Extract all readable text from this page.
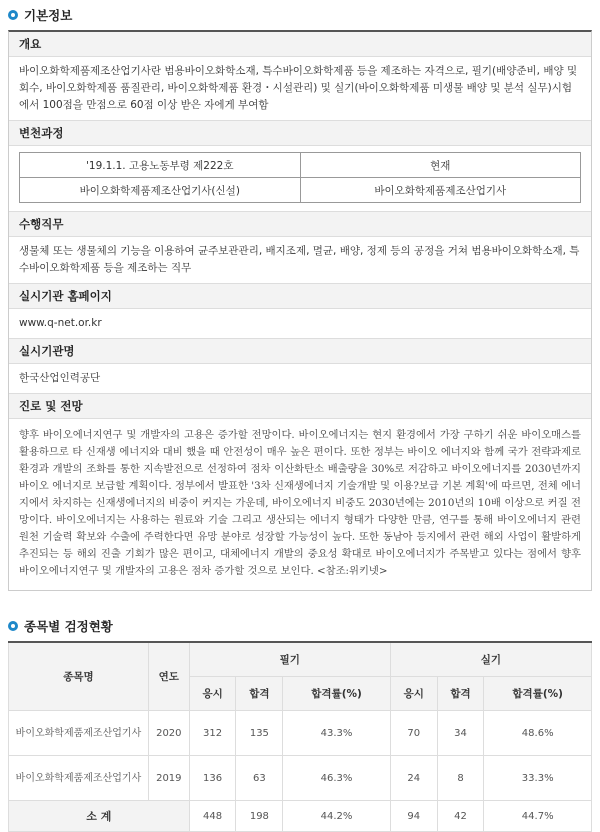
기본정보
개요
바이오화학제품제조산업기사란 범용바이오화학소재, 특수바이오화학제품 등을 제조하는 자격으로, 필기(배양준비, 배양 및 회수, 바이오화학제품 품질관리, 바이오화학제품 환경・시설관리) 및 실기(바이오화학제품 미생물 배양 및 분석 실무)시험에서 100점을 만점으로 60점 이상 받은 자에게 부여함
변천과정
'19.1.1. 고용노동부령 제222호	현재
바이오화학제품제조산업기사(신설)	바이오화학제품제조산업기사
수행직무
생물체 또는 생물체의 기능을 이용하여 균주보관관리, 배지조제, 멸균, 배양, 정제 등의 공정을 거쳐 범용바이오화학소재, 특수바이오화학제품 등을 제조하는 직무
실시기관 홈페이지
www.q-net.or.kr
실시기관명
한국산업인력공단
진로 및 전망
향후 바이오에너지연구 및 개발자의 고용은 증가할 전망이다. 바이오에너지는 현지 환경에서 가장 구하기 쉬운 바이오매스를 활용하므로 타 신재생 에너지와 대비 했을 때 안전성이 매우 높은 편이다. 또한 정부는 바이오 에너지와 함께 국가 전략과제로 환경과 개발의 조화를 통한 지속발전으로 선정하여 점차 이산화탄소 배출량을 30%로 저감하고 바이오에너지를 2030년까지 바이오 에너지로 보급할 계획이다. 정부에서 발표한 '3차 신재생에너지 기술개발 및 이용?보급 기본 계획'에 따르면, 전체 에너지에서 차지하는 신재생에너지의 비중이 커지는 가운데, 바이오에너지 비중도 2030년에는 2010년의 10배 이상으로 커질 전망이다. 바이오에너지는 사용하는 원료와 기술 그리고 생산되는 에너지 형태가 다양한 만큼, 연구를 통해 바이오에너지 관련 원천 기술력 확보와 수출에 주력한다면 유망 분야로 성장할 가능성이 높다. 또한 동남아 등지에서 관련 해외 사업이 활발하게 추진되는 등 해외 진출 기회가 많은 편이고, 대체에너지 개발의 중요성 확대로 바이오에너지가 주목받고 있다는 점에서 향후 바이오에너지연구 및 개발자의 고용은 점차 증가할 것으로 보인다. <참조:위키넷>
종목별 검정현황
종목명	연도	필기			실기		
		응시	합격	합격률(%)	응시	합격	합격률(%)
바이오화학제품제조산업기사	2020	312	135	43.3%	70	34	48.6%
바이오화학제품제조산업기사	2019	136	63	46.3%	24	8	33.3%
소 계		448	198	44.2%	94	42	44.7%
